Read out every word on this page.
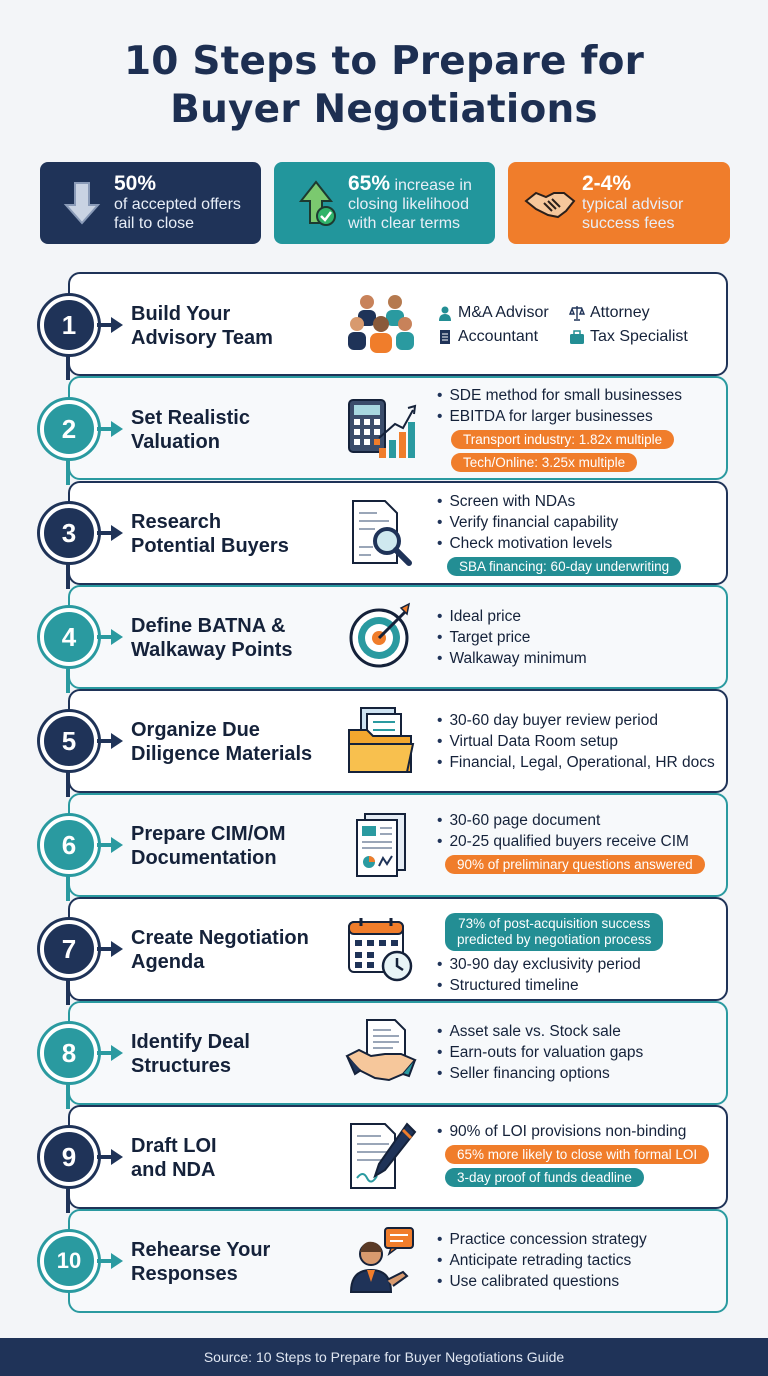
10 Steps to Prepare for
Buyer Negotiations
50%
of accepted offers
fail to close
65% increase in
closing likelihood
with clear terms
2-4%
typical advisor
success fees
1	Build Your
Advisory Team
M&A Advisor	Attorney
Accountant	Tax Specialist
2	Set Realistic
Valuation
• SDE method for small businesses
• EBITDA for larger businesses
Transport industry: 1.82x multiple
Tech/Online: 3.25x multiple
3	Research
Potential Buyers
• Screen with NDAs
• Verify financial capability
• Check motivation levels
SBA financing: 60-day underwriting
4	Define BATNA &
Walkaway Points
• Ideal price
• Target price
• Walkaway minimum
5	Organize Due
Diligence Materials
• 30-60 day buyer review period
• Virtual Data Room setup
• Financial, Legal, Operational, HR docs
6	Prepare CIM/OM
Documentation
• 30-60 page document
• 20-25 qualified buyers receive CIM
90% of preliminary questions answered
7	Create Negotiation
Agenda
73% of post-acquisition success
predicted by negotiation process
• 30-90 day exclusivity period
• Structured timeline
8	Identify Deal
Structures
• Asset sale vs. Stock sale
• Earn-outs for valuation gaps
• Seller financing options
9	Draft LOI
and NDA
• 90% of LOI provisions non-binding
65% more likely to close with formal LOI
3-day proof of funds deadline
10 Rehearse Your
Responses
• Practice concession strategy
• Anticipate retrading tactics
• Use calibrated questions
Source: 10 Steps to Prepare for Buyer Negotiations Guide
